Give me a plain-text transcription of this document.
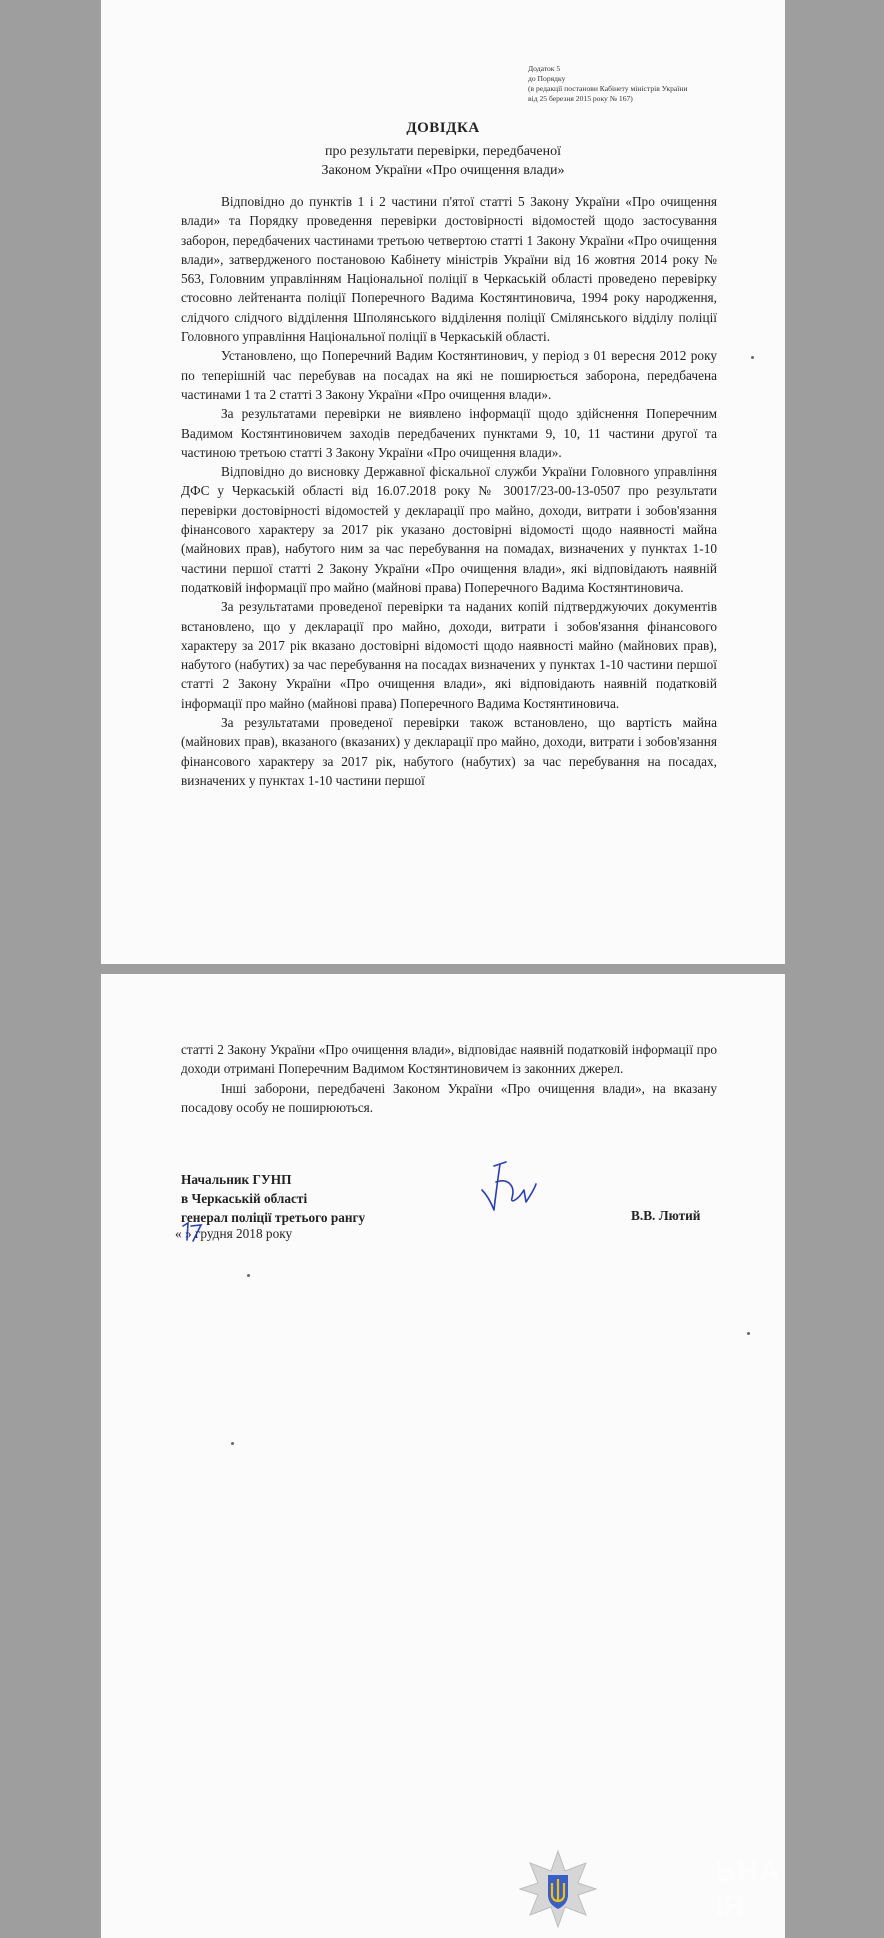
Додаток 5
до Порядку
(в редакції постанови Кабінету міністрів України
від 25 березня 2015 року № 167)
ДОВІДКА
про результати перевірки, передбаченої
Законом України «Про очищення влади»

Відповідно до пунктів 1 і 2 частини п'ятої статті 5 Закону України «Про очищення влади» та Порядку проведення перевірки достовірності відомостей щодо застосування заборон, передбачених частинами третьою четвертою статті 1 Закону України «Про очищення влади», затвердженого постановою Кабінету міністрів України від 16 жовтня 2014 року № 563, Головним управлінням Національної поліції в Черкаській області проведено перевірку стосовно лейтенанта поліції Поперечного Вадима Костянтиновича, 1994 року народження, слідчого слідчого відділення Шполянського відділення поліції Смілянського відділу поліції Головного управління Національної поліції в Черкаській області.

Установлено, що Поперечний Вадим Костянтинович, у період з 01 вересня 2012 року по теперішній час перебував на посадах на які не поширюється заборона, передбачена частинами 1 та 2 статті 3 Закону України «Про очищення влади».

За результатами перевірки не виявлено інформації щодо здійснення Поперечним Вадимом Костянтиновичем заходів передбачених пунктами 9, 10, 11 частини другої та частиною третьою статті 3 Закону України «Про очищення влади».

Відповідно до висновку Державної фіскальної служби України Головного управління ДФС у Черкаській області від 16.07.2018 року № 30017/23-00-13-0507 про результати перевірки достовірності відомостей у декларації про майно, доходи, витрати і зобов'язання фінансового характеру за 2017 рік указано достовірні відомості щодо наявності майна (майнових прав), набутого ним за час перебування на помадах, визначених у пунктах 1-10 частини першої статті 2 Закону України «Про очищення влади», які відповідають наявній податковій інформації про майно (майнові права) Поперечного Вадима Костянтиновича.

За результатами проведеної перевірки та наданих копій підтверджуючих документів встановлено, що у декларації про майно, доходи, витрати і зобов'язання фінансового характеру за 2017 рік вказано достовірні відомості щодо наявності майно (майнових прав), набутого (набутих) за час перебування на посадах визначених у пунктах 1-10 частини першої статті 2 Закону України «Про очищення влади», які відповідають наявній податковій інформації про майно (майнові права) Поперечного Вадима Костянтиновича.

За результатами проведеної перевірки також встановлено, що вартість майна (майнових прав), вказаного (вказаних) у декларації про майно, доходи, витрати і зобов'язання фінансового характеру за 2017 рік, набутого (набутих) за час перебування на посадах, визначених у пунктах 1-10 частини першої

статті 2 Закону України «Про очищення влади», відповідає наявній податковій інформації про доходи отримані Поперечним Вадимом Костянтиновичем із законних джерел.

Інші заборони, передбачені Законом України «Про очищення влади», на вказану посадову особу не поширюються.

Начальник ГУНП
в Черкаській області
генерал поліції третього рангу	В.В. Лютий
« » грудня 2018 року
ЬНА
ІЯ
